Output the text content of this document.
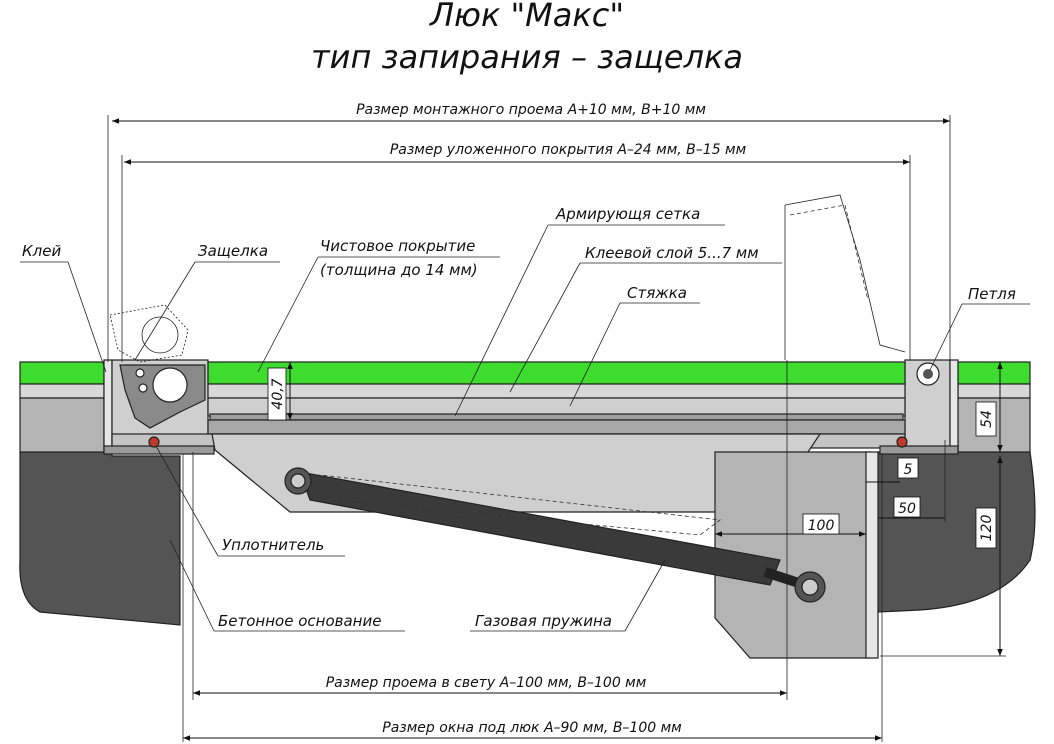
Люк "Макс"
тип запирания – защелка
Размер монтажного проема А+10 мм, В+10 мм
Размер уложенного покрытия А–24 мм, В–15 мм
Размер проема в свету А–100 мм, В–100 мм
Размер окна под люк А–90 мм, В–100 мм
40,7
54
120
5
50
100
Клей	Защелка	Чистовое покрытие
(толщина до 14 мм)
Армирующя сетка
Клеевой слой 5...7 мм
Стяжка	Петля
Уплотнитель
Бетонное основание	Газовая пружина
